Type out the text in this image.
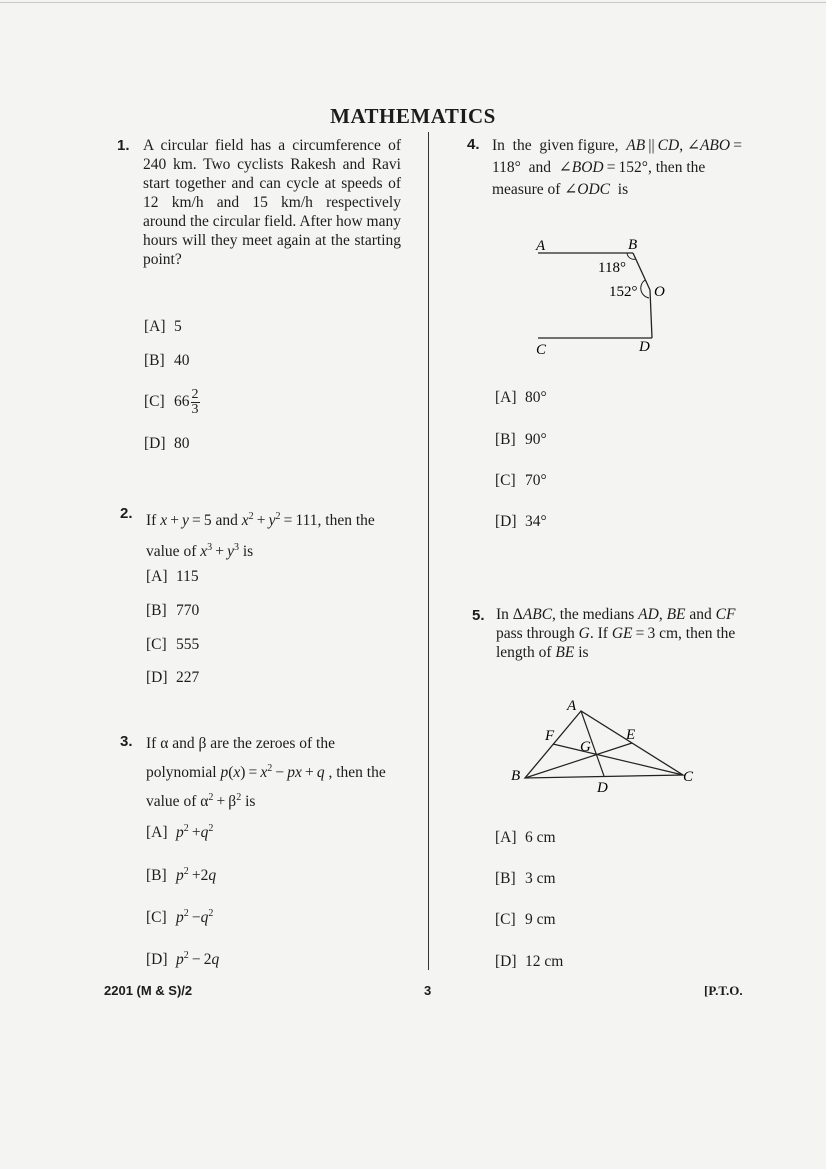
MATHEMATICS
1. A circular field has a circumference of 240 km. Two cyclists Rakesh and Ravi start together and can cycle at speeds of 12 km/h and 15 km/h respectively around the circular field. After how many hours will they meet again at the starting point?
[A] 5
[B] 40
[C] $66 \frac{2}{3}$
[D] 80
2. If x + y = 5 and $x^2 + y^2 = 111$, then the value of $x^3 + y^3$ is
[A] 115
[B] 770
[C] 555
[D] 227
3. If α and β are the zeroes of the polynomial $p(x) = x^2$ − px + q , then the value of $\alpha^2 + \beta^2$ is
[A] $p^2 +q^2$
[B] $p^2 +2q$
[C] $p^2 -q^2$
[D] $p^2 - 2q$
4. In  the  given figure,  AB || CD, ∠ABO = 118°  and  ∠BOD = 152°, then the measure of ∠ODC  is
A	B
C	D
O
118°
152°
[A] 80°
[B] 90°
[C] 70°
[D] 34°
5. In ΔABC, the medians AD, BE and CF pass through G. If GE = 3 cm, then the length of BE is
A
B	C
D
E
F
G
[A] 6 cm
[B] 3 cm
[C] 9 cm
[D] 12 cm
2201 (M & S)/2	3	[P.T.O.
